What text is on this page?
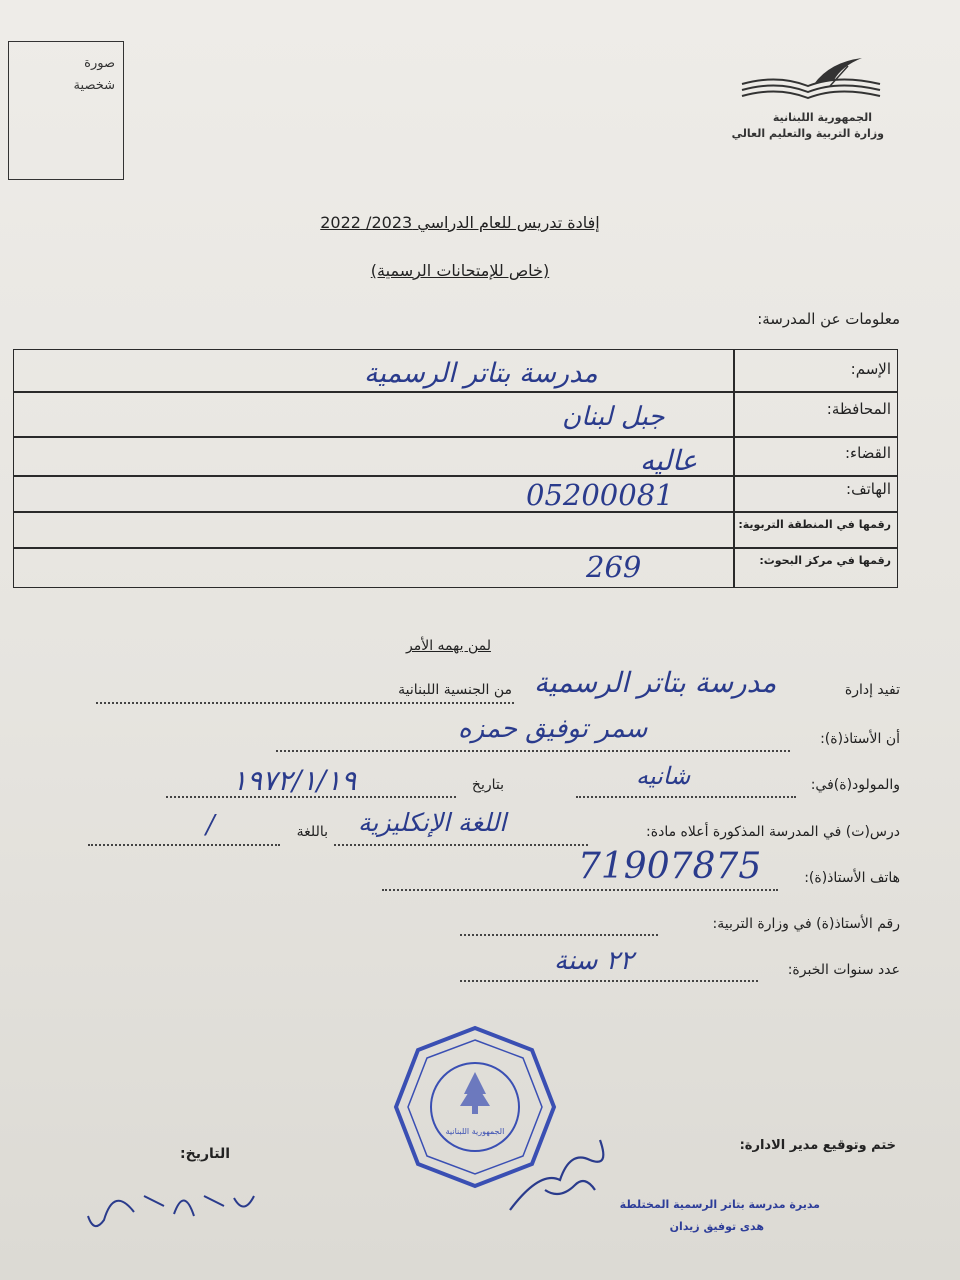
صورة
شخصية
الجمهورية اللبنانية
وزارة التربية والتعليم العالي
إفادة تدريس للعام الدراسي 2023/ 2022
(خاص للإمتحانات الرسمية)
معلومات عن المدرسة:
الإسم:
المحافظة:
القضاء:
الهاتف:
رقمها في المنطقة التربوية:
رقمها في مركز البحوث:
مدرسة بتاتر الرسمية
جبل لبنان
عاليه
05200081
269
لمن يهمه الأمر
تفيد إدارة
من الجنسية اللبنانية مدرسة بتاتر الرسمية
أن الأستاذ(ة):
سمر توفيق حمزه
والمولود(ة)في:
بتاريخ	شانيه
١٩٧٢/١/١٩
درس(ت) في المدرسة المذكورة أعلاه مادة:
باللغة اللغة الإنكليزية
/
هاتف الأستاذ(ة):
71907875
رقم الأستاذ(ة) في وزارة التربية:
عدد سنوات الخبرة:
٢٢ سنة
الجمهورية اللبنانية
ختم وتوقيع مدير الادارة:
التاريخ:
مديرة مدرسة بتاتر الرسمية المختلطة
هدى توفيق زيدان
